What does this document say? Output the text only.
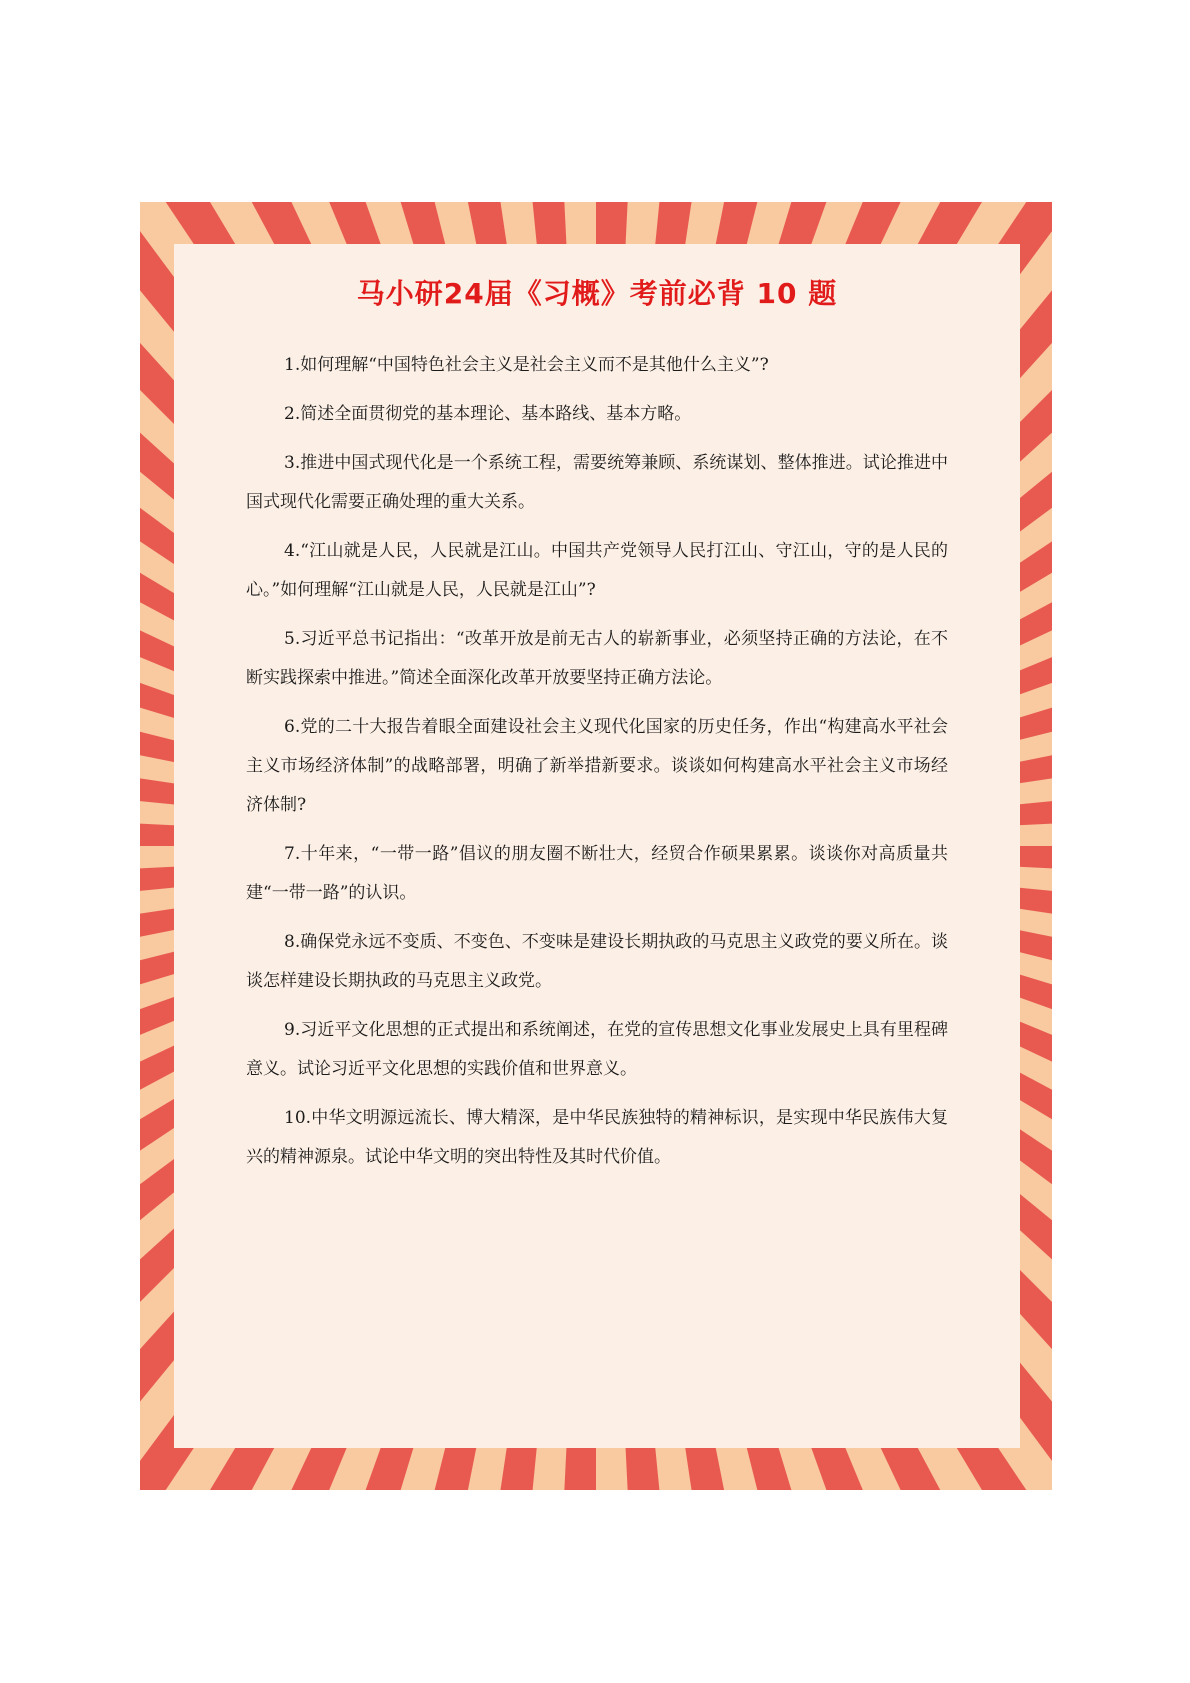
马小研24届《习概》考前必背 10 题

1.如何理解“中国特色社会主义是社会主义而不是其他什么主义”?

2.简述全面贯彻党的基本理论、基本路线、基本方略。

3.推进中国式现代化是一个系统工程，需要统筹兼顾、系统谋划、整体推进。试论推进中国式现代化需要正确处理的重大关系。

4.“江山就是人民，人民就是江山。中国共产党领导人民打江山、守江山，守的是人民的心。”如何理解“江山就是人民，人民就是江山”?

5.习近平总书记指出：“改革开放是前无古人的崭新事业，必须坚持正确的方法论，在不断实践探索中推进。”简述全面深化改革开放要坚持正确方法论。

6.党的二十大报告着眼全面建设社会主义现代化国家的历史任务，作出“构建高水平社会主义市场经济体制”的战略部署，明确了新举措新要求。谈谈如何构建高水平社会主义市场经济体制?

7.十年来，“一带一路”倡议的朋友圈不断壮大，经贸合作硕果累累。谈谈你对高质量共建“一带一路”的认识。

8.确保党永远不变质、不变色、不变味是建设长期执政的马克思主义政党的要义所在。谈谈怎样建设长期执政的马克思主义政党。

9.习近平文化思想的正式提出和系统阐述，在党的宣传思想文化事业发展史上具有里程碑意义。试论习近平文化思想的实践价值和世界意义。

10.中华文明源远流长、博大精深，是中华民族独特的精神标识，是实现中华民族伟大复兴的精神源泉。试论中华文明的突出特性及其时代价值。
